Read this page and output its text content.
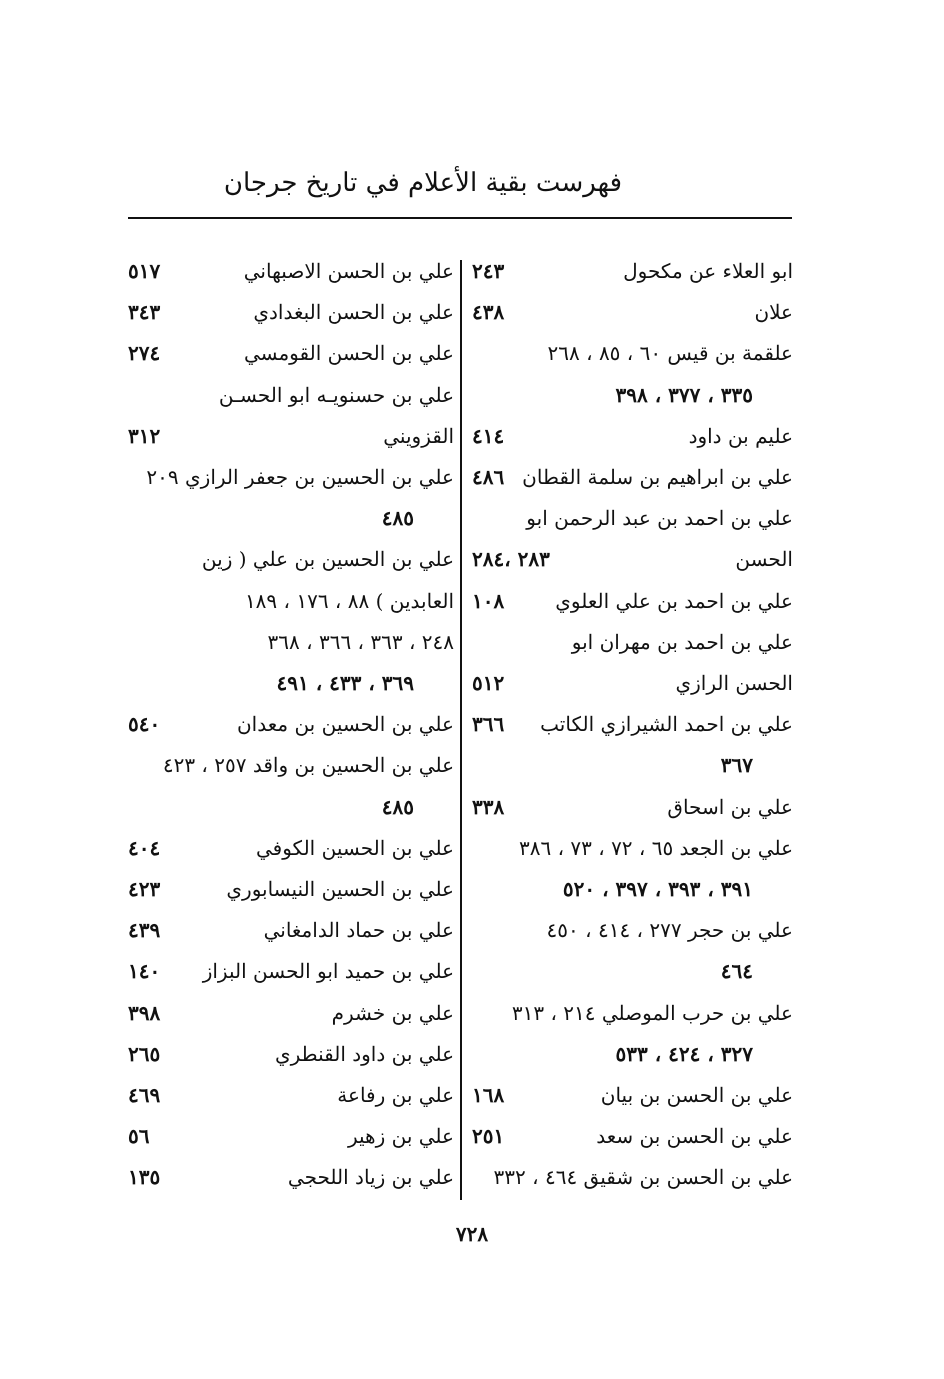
فهرست بقية الأعلام في تاريخ جرجان
ابو العلاء عن مكحول
٢٤٣
علان
٤٣٨
علقمة بن قيس ٦٠ ، ٨٥ ، ٢٦٨
٣٣٥ ، ٣٧٧ ، ٣٩٨
عليم بن داود
٤١٤
علي بن ابراهيم بن سلمة القطان
٤٨٦
علي بن احمد بن عبد الرحمن ابو
الحسن
٢٨٣ ،٢٨٤
علي بن احمد بن علي العلوي
١٠٨
علي بن احمد بن مهران ابو
الحسن الرازي
٥١٢
علي بن احمد الشيرازي الكاتب
٣٦٦
٣٦٧
علي بن اسحاق
٣٣٨
علي بن الجعد ٦٥ ، ٧٢ ، ٧٣ ، ٣٨٦
٣٩١ ، ٣٩٣ ، ٣٩٧ ، ٥٢٠
علي بن حجر ٢٧٧ ، ٤١٤ ، ٤٥٠
٤٦٤
علي بن حرب الموصلي ٢١٤ ، ٣١٣
٣٢٧ ، ٤٢٤ ، ٥٣٣
علي بن الحسن بن بيان
١٦٨
علي بن الحسن بن سعد
٢٥١
علي بن الحسن بن شقيق ٤٦٤ ، ٣٣٢
علي بن الحسن الاصبهاني
٥١٧
علي بن الحسن البغدادي
٣٤٣
علي بن الحسن القومسي
٢٧٤
علي بن حسنويـه ابو الحسـن
القزويني
٣١٢
علي بن الحسين بن جعفر الرازي ٢٠٩
٤٨٥
علي بن الحسين بن علي ( زين
العابدين ) ٨٨ ، ١٧٦ ، ١٨٩
٢٤٨ ، ٣٦٣ ، ٣٦٦ ، ٣٦٨
٣٦٩ ، ٤٣٣ ، ٤٩١
علي بن الحسين بن معدان
٥٤٠
علي بن الحسين بن واقد ٢٥٧ ، ٤٢٣
٤٨٥
علي بن الحسين الكوفي
٤٠٤
علي بن الحسين النيسابوري
٤٢٣
علي بن حماد الدامغاني
٤٣٩
علي بن حميد ابو الحسن البزاز
١٤٠
علي بن خشرم
٣٩٨
علي بن داود القنطري
٢٦٥
علي بن رفاعة
٤٦٩
علي بن زهير
٥٦
علي بن زياد اللحجي
١٣٥
٧٢٨
